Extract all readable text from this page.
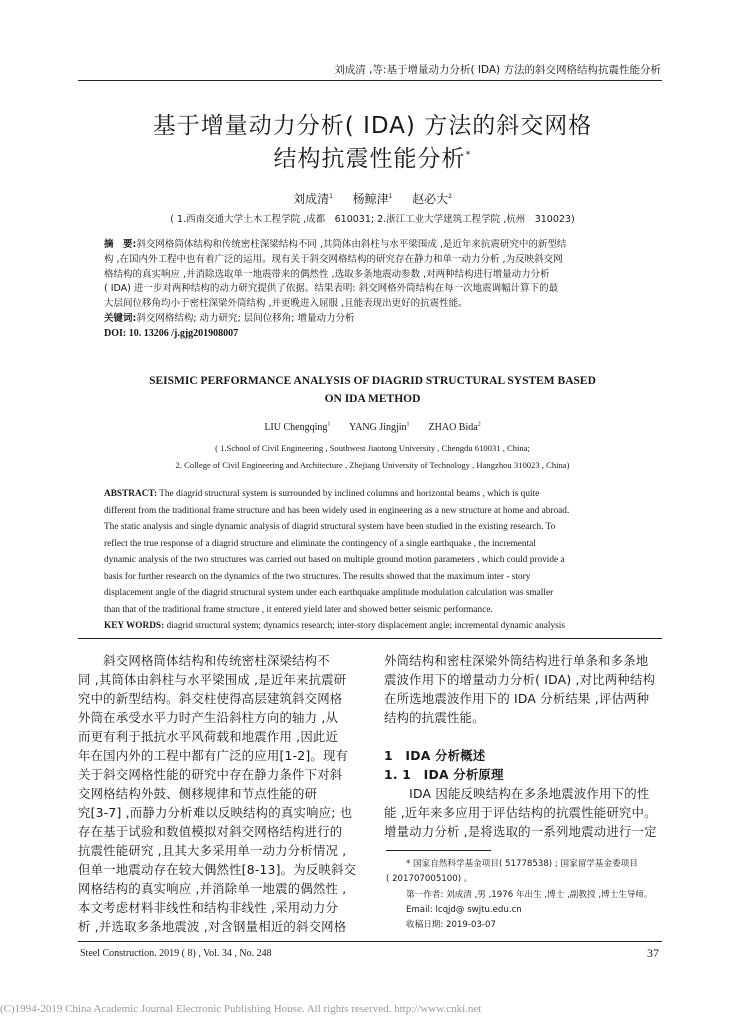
刘成清 ,等:基于增量动力分析( IDA) 方法的斜交网格结构抗震性能分析
基于增量动力分析( IDA) 方法的斜交网格
结构抗震性能分析*
刘成清$^1$ 杨鲸津$^1$ 赵必大$^2$
( 1.西南交通大学土木工程学院 ,成都　610031; 2.浙江工业大学建筑工程学院 ,杭州　310023)
摘　要:斜交网格筒体结构和传统密柱深梁结构不同 ,其筒体由斜柱与水平梁围成 ,是近年来抗震研究中的新型结
构 ,在国内外工程中也有着广泛的运用。现有关于斜交网格结构的研究存在静力和单一动力分析 ,为反映斜交网
格结构的真实响应 ,并消除选取单一地震带来的偶然性 ,选取多条地震动参数 ,对两种结构进行增量动力分析
( IDA) 进一步对两种结构的动力研究提供了依据。结果表明: 斜交网格外筒结构在每一次地震调幅计算下的最
大层间位移角均小于密柱深梁外筒结构 ,并更晚进入屈服 ,且能表现出更好的抗震性能。
关键词:斜交网格结构; 动力研究; 层间位移角; 增量动力分析
DOI: 10. 13206 /j.gjg201908007
SEISMIC PERFORMANCE ANALYSIS OF DIAGRID STRUCTURAL SYSTEM BASED
ON IDA METHOD
LIU Chengqing$^1$ YANG Jingjin$^1$ ZHAO Bida$^2$
( 1.School of Civil Engineering , Southwest Jiaotong University , Chengdu 610031 , China;
2. College of Civil Engineering and Architecture , Zhejiang University of Technology , Hangzhou 310023 , China)
ABSTRACT: The diagrid structural system is surrounded by inclined columns and horizontal beams , which is quite
different from the traditional frame structure and has been widely used in engineering as a new structure at home and abroad.
The static analysis and single dynamic analysis of diagrid structural system have been studied in the existing research. To
reflect the true response of a diagrid structure and eliminate the contingency of a single earthquake , the incremental
dynamic analysis of the two structures was carried out based on multiple ground motion parameters , which could provide a
basis for further research on the dynamics of the two structures. The results showed that the maximum inter - story
displacement angle of the diagrid structural system under each earthquake amplitude modulation calculation was smaller
than that of the traditional frame structure , it entered yield later and showed better seismic performance.
KEY WORDS: diagrid structural system; dynamics research; inter-story displacement angle; incremental dynamic analysis
　　斜交网格筒体结构和传统密柱深梁结构不
同 ,其筒体由斜柱与水平梁围成 ,是近年来抗震研
究中的新型结构。斜交柱使得高层建筑斜交网格
外筒在承受水平力时产生沿斜柱方向的轴力 ,从
而更有利于抵抗水平风荷载和地震作用 ,因此近
年在国内外的工程中都有广泛的应用[1-2]。现有
关于斜交网格性能的研究中存在静力条件下对斜
交网格结构外鼓、侧移规律和节点性能的研
究[3-7] ,而静力分析难以反映结构的真实响应; 也
存在基于试验和数值模拟对斜交网格结构进行的
抗震性能研究 ,且其大多采用单一动力分析情况 ,
但单一地震动存在较大偶然性[8-13]。为反映斜交
网格结构的真实响应 ,并消除单一地震的偶然性 ,
本文考虑材料非线性和结构非线性 ,采用动力分
析 ,并选取多条地震波 ,对含钢量相近的斜交网格
外筒结构和密柱深梁外筒结构进行单条和多条地
震波作用下的增量动力分析( IDA) ,对比两种结构
在所选地震波作用下的 IDA 分析结果 ,评估两种
结构的抗震性能。
1　IDA 分析概述
1. 1　IDA 分析原理
　　IDA 因能反映结构在多条地震波作用下的性
能 ,近年来多应用于评估结构的抗震性能研究中。
增量动力分析 ,是将选取的一系列地震动进行一定
* 国家自然科学基金项目( 51778538) ; 国家留学基金委项目
( 201707005100) 。
第一作者: 刘成清 ,男 ,1976 年出生 ,博士 ,副教授 ,博士生导师。
Email: lcqjd@ swjtu.edu.cn
收稿日期: 2019-03-07
Steel Construction. 2019 ( 8) , Vol. 34 , No. 248	37
(C)1994-2019 China Academic Journal Electronic Publishing House. All rights reserved. http://www.cnki.net
